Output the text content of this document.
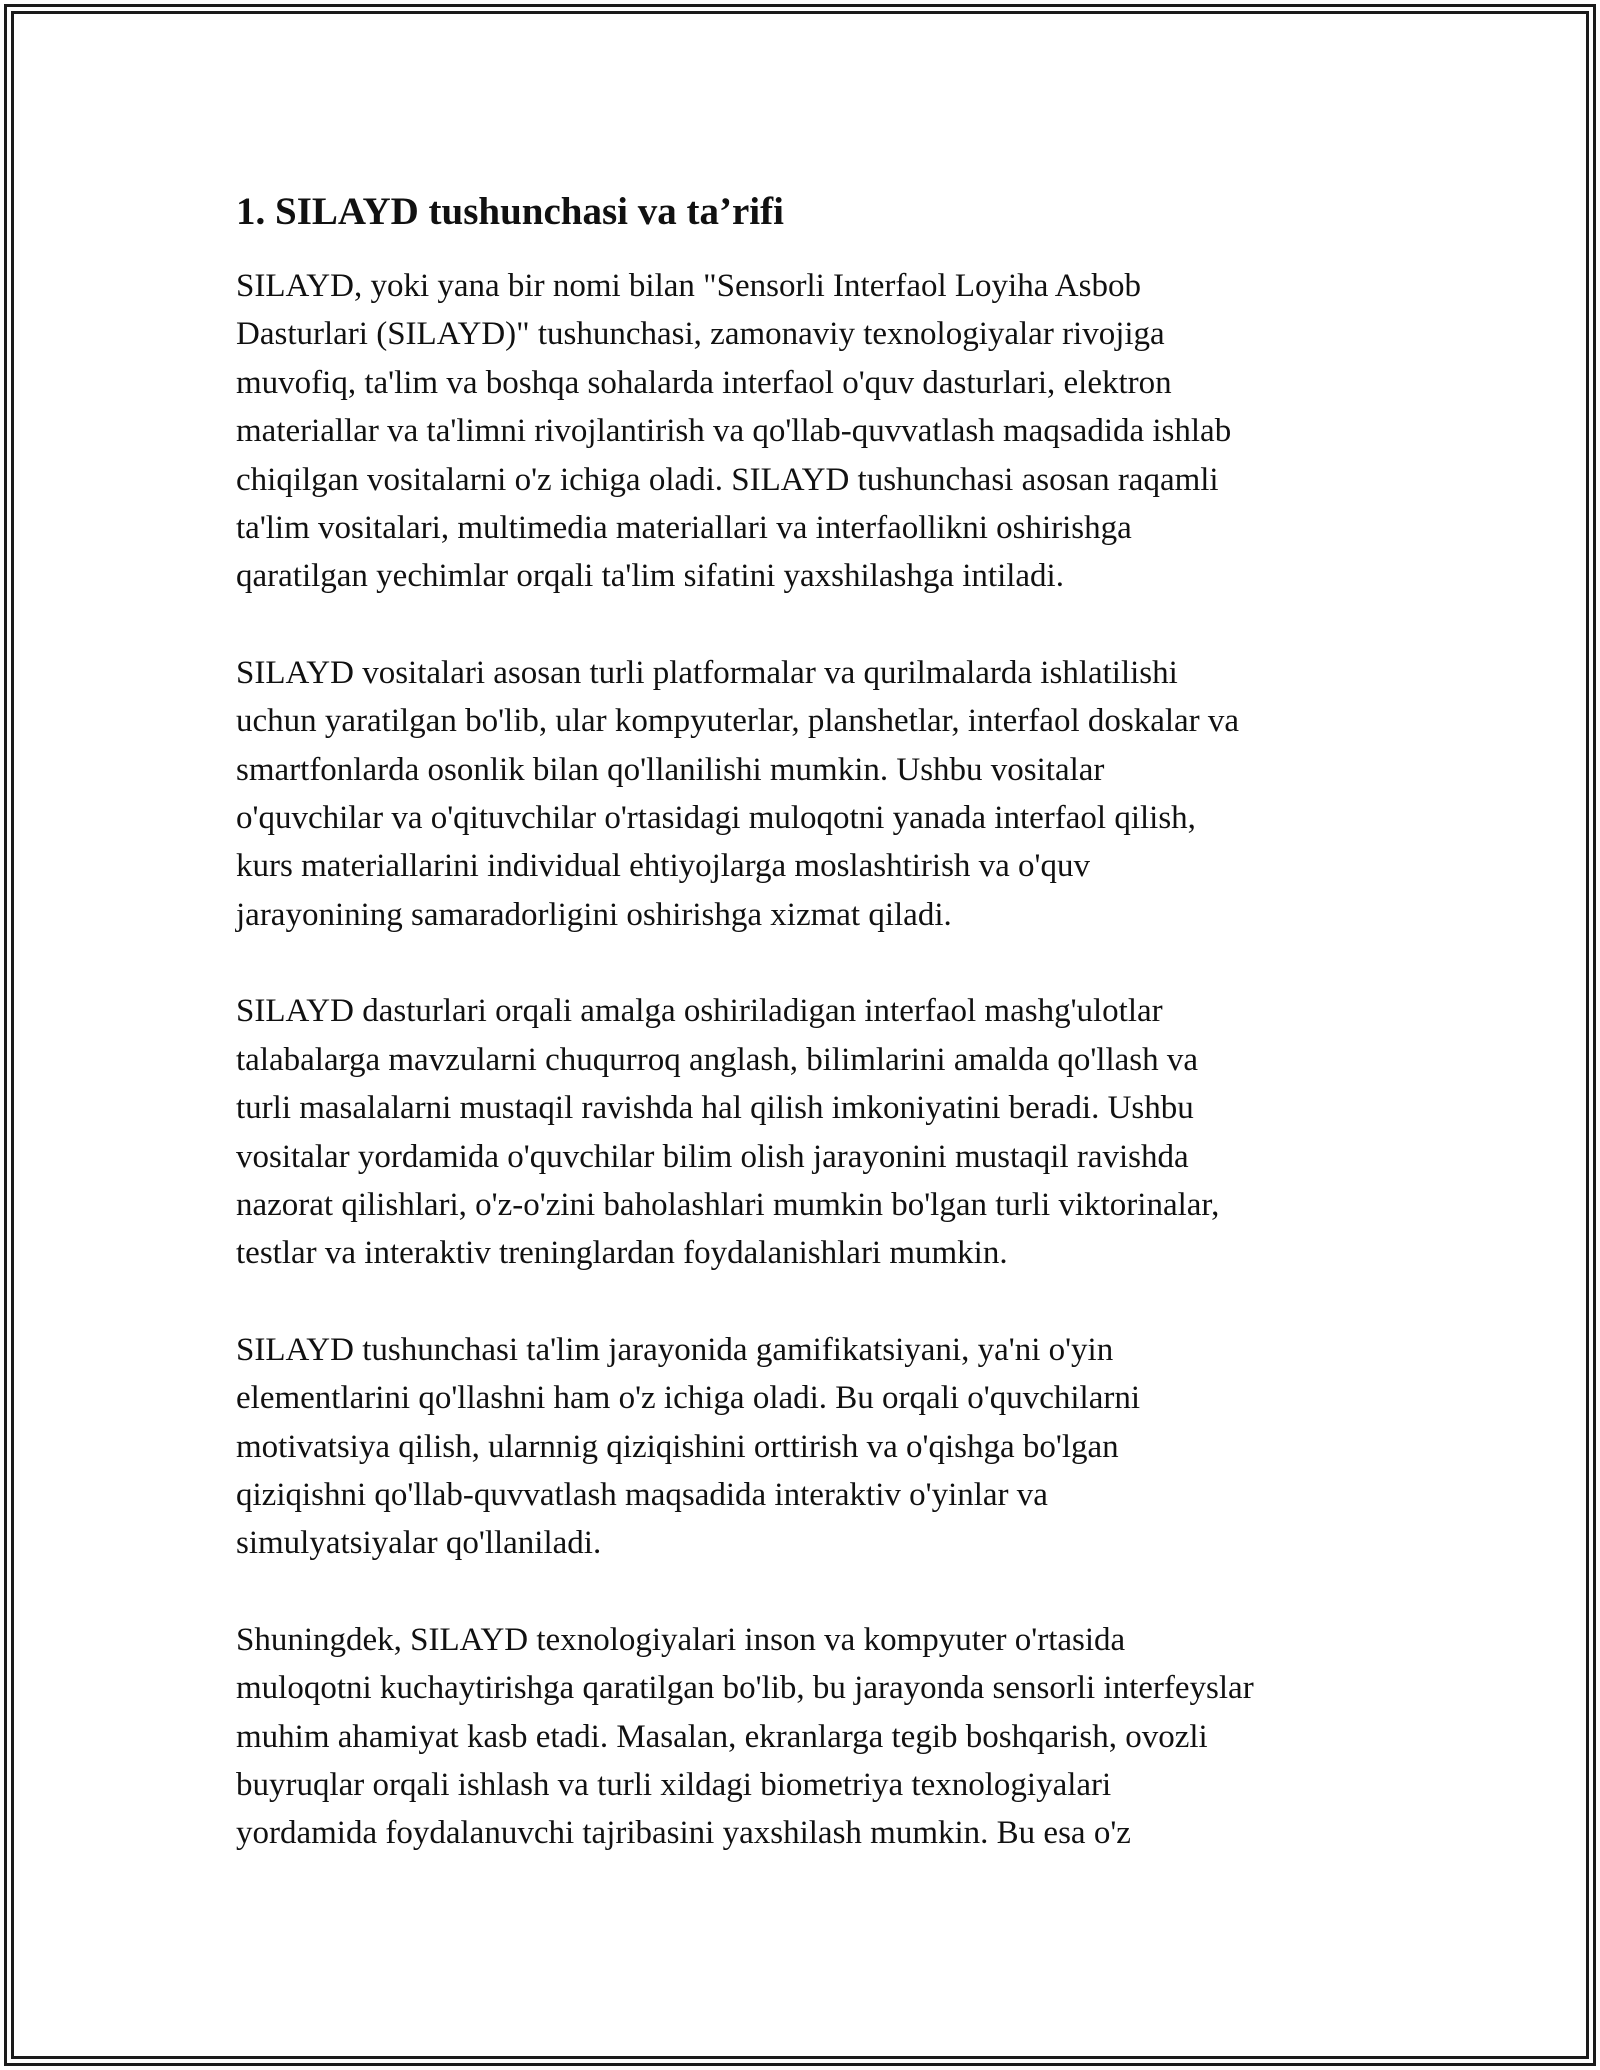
1. SILAYD tushunchasi va ta’rifi

SILAYD, yoki yana bir nomi bilan "Sensorli Interfaol Loyiha Asbob
Dasturlari (SILAYD)" tushunchasi, zamonaviy texnologiyalar rivojiga
muvofiq, ta'lim va boshqa sohalarda interfaol o'quv dasturlari, elektron
materiallar va ta'limni rivojlantirish va qo'llab-quvvatlash maqsadida ishlab
chiqilgan vositalarni o'z ichiga oladi. SILAYD tushunchasi asosan raqamli
ta'lim vositalari, multimedia materiallari va interfaollikni oshirishga
qaratilgan yechimlar orqali ta'lim sifatini yaxshilashga intiladi.

SILAYD vositalari asosan turli platformalar va qurilmalarda ishlatilishi
uchun yaratilgan bo'lib, ular kompyuterlar, planshetlar, interfaol doskalar va
smartfonlarda osonlik bilan qo'llanilishi mumkin. Ushbu vositalar
o'quvchilar va o'qituvchilar o'rtasidagi muloqotni yanada interfaol qilish,
kurs materiallarini individual ehtiyojlarga moslashtirish va o'quv
jarayonining samaradorligini oshirishga xizmat qiladi.

SILAYD dasturlari orqali amalga oshiriladigan interfaol mashg'ulotlar
talabalarga mavzularni chuqurroq anglash, bilimlarini amalda qo'llash va
turli masalalarni mustaqil ravishda hal qilish imkoniyatini beradi. Ushbu
vositalar yordamida o'quvchilar bilim olish jarayonini mustaqil ravishda
nazorat qilishlari, o'z-o'zini baholashlari mumkin bo'lgan turli viktorinalar,
testlar va interaktiv treninglardan foydalanishlari mumkin.

SILAYD tushunchasi ta'lim jarayonida gamifikatsiyani, ya'ni o'yin
elementlarini qo'llashni ham o'z ichiga oladi. Bu orqali o'quvchilarni
motivatsiya qilish, ularnnig qiziqishini orttirish va o'qishga bo'lgan
qiziqishni qo'llab-quvvatlash maqsadida interaktiv o'yinlar va
simulyatsiyalar qo'llaniladi.

Shuningdek, SILAYD texnologiyalari inson va kompyuter o'rtasida
muloqotni kuchaytirishga qaratilgan bo'lib, bu jarayonda sensorli interfeyslar
muhim ahamiyat kasb etadi. Masalan, ekranlarga tegib boshqarish, ovozli
buyruqlar orqali ishlash va turli xildagi biometriya texnologiyalari
yordamida foydalanuvchi tajribasini yaxshilash mumkin. Bu esa o'z
